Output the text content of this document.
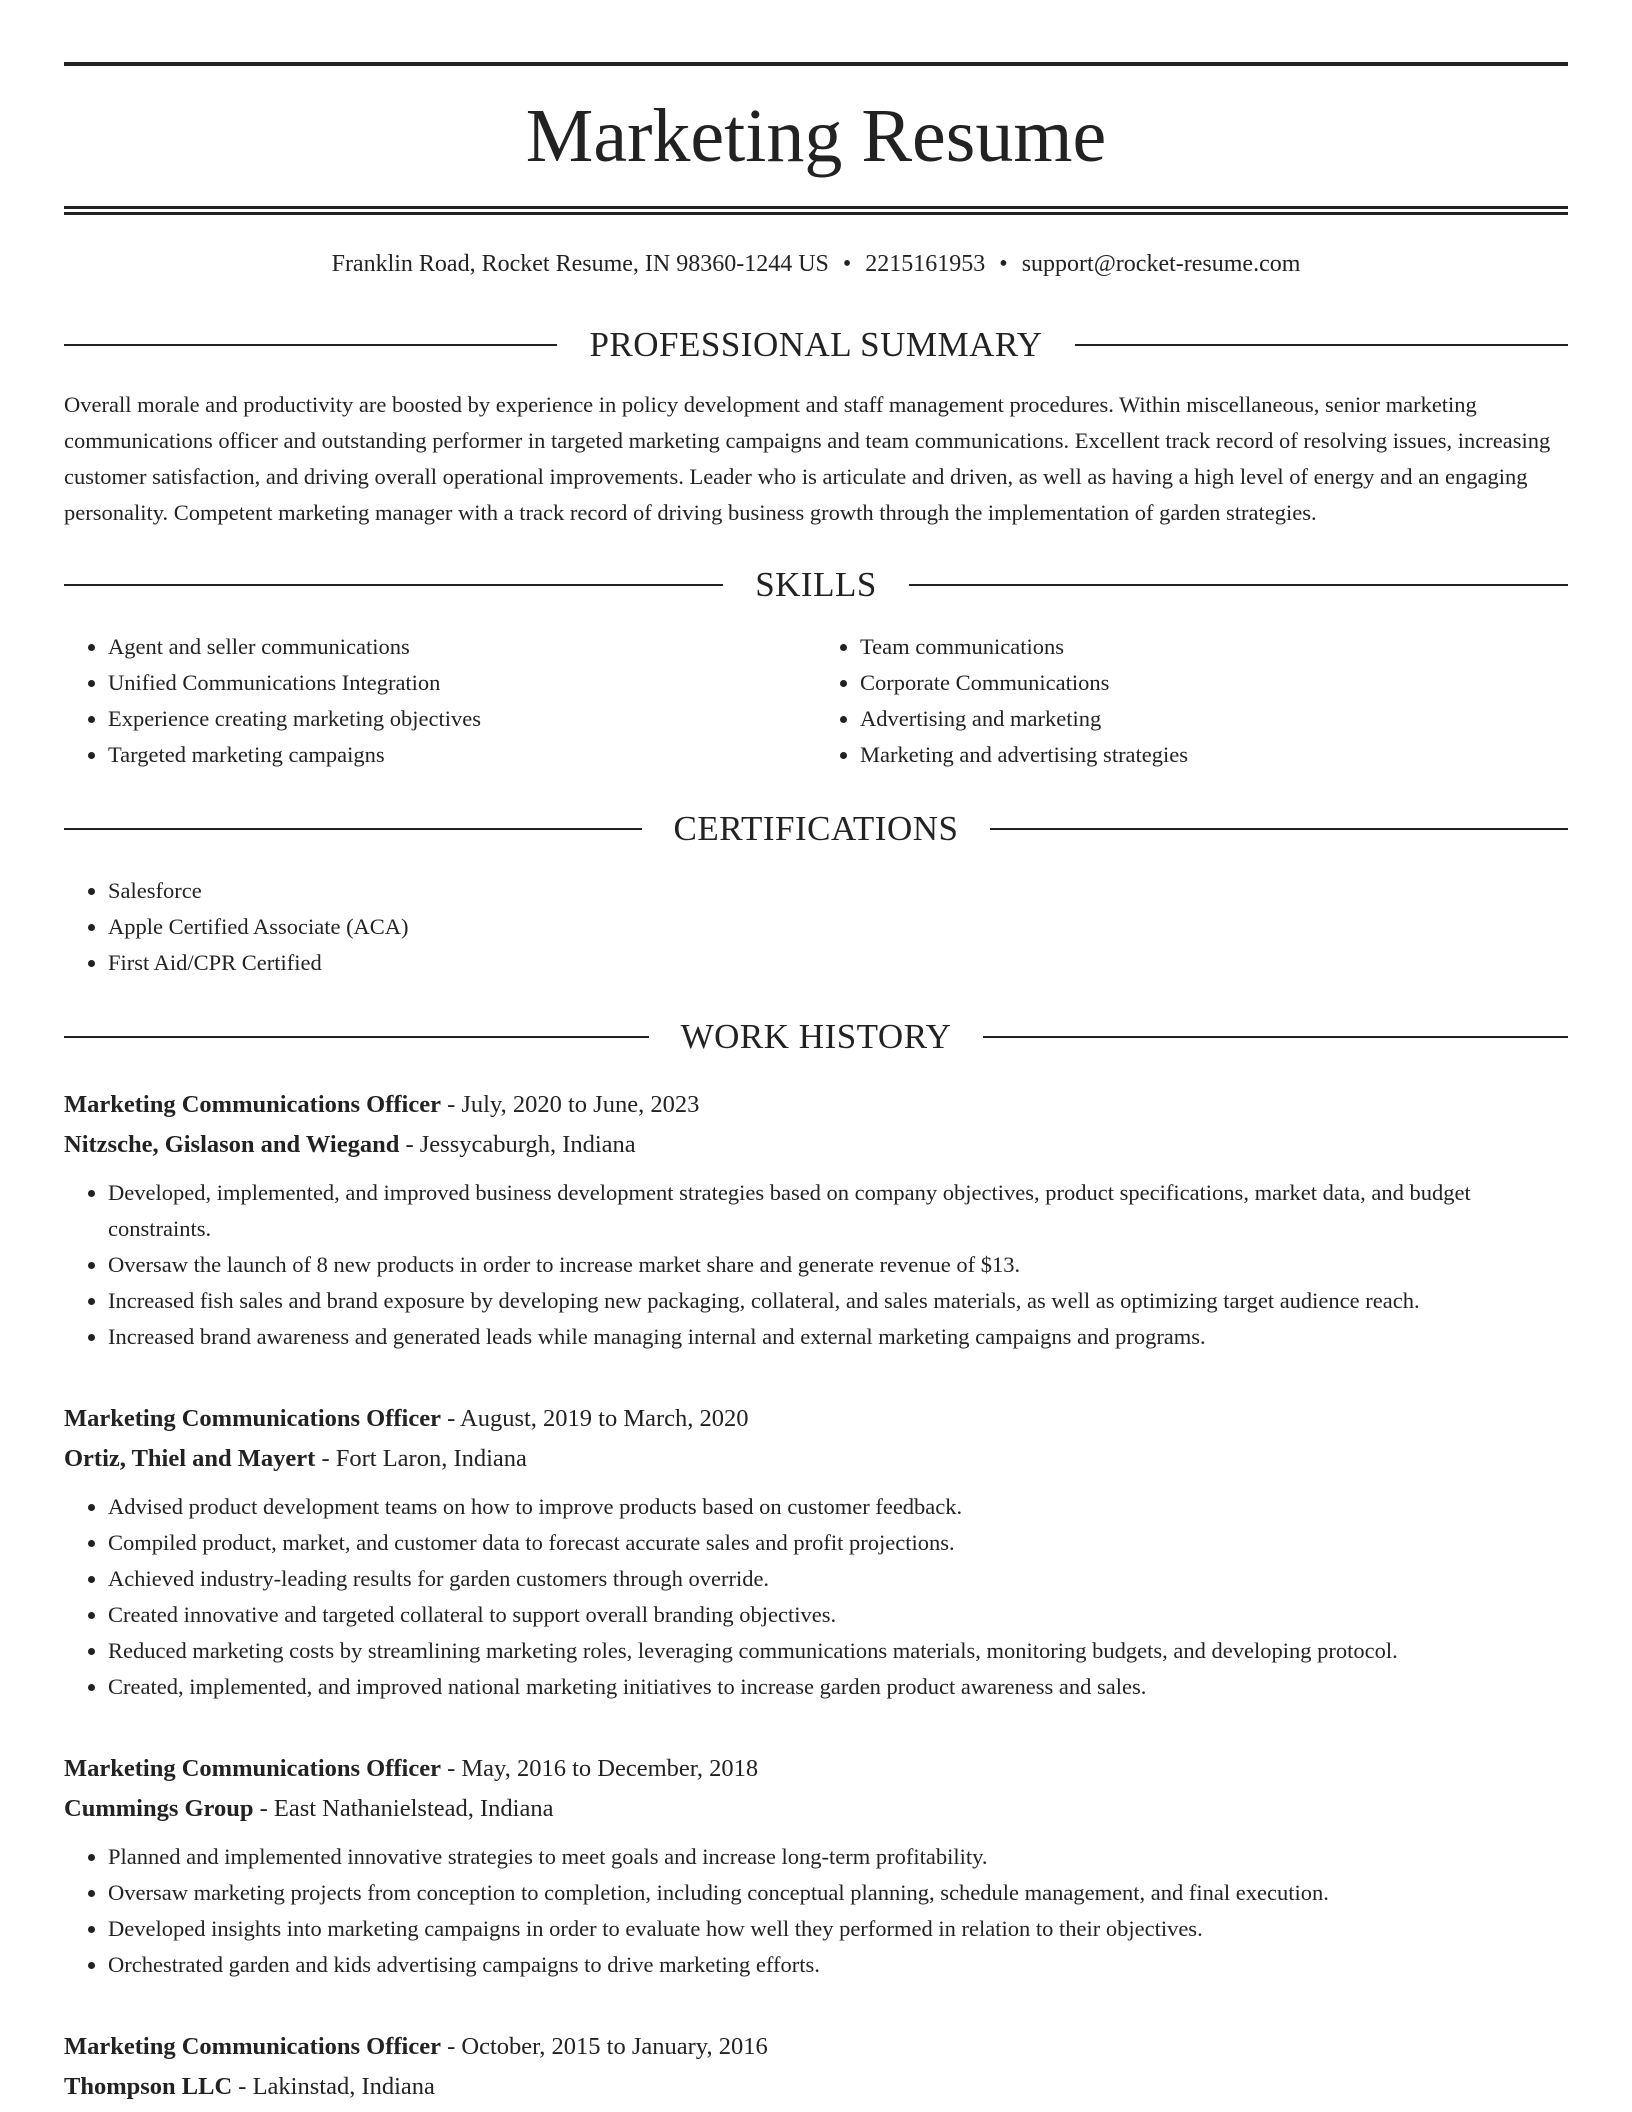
Marketing Resume
Franklin Road, Rocket Resume, IN 98360-1244 US • 2215161953 • support@rocket-resume.com
PROFESSIONAL SUMMARY
Overall morale and productivity are boosted by experience in policy development and staff management procedures. Within miscellaneous, senior marketing communications officer and outstanding performer in targeted marketing campaigns and team communications. Excellent track record of resolving issues, increasing customer satisfaction, and driving overall operational improvements. Leader who is articulate and driven, as well as having a high level of energy and an engaging personality. Competent marketing manager with a track record of driving business growth through the implementation of garden strategies.
SKILLS
• Agent and seller communications
• Unified Communications Integration
• Experience creating marketing objectives
• Targeted marketing campaigns
• Team communications
• Corporate Communications
• Advertising and marketing
• Marketing and advertising strategies
CERTIFICATIONS
• Salesforce
• Apple Certified Associate (ACA)
• First Aid/CPR Certified
WORK HISTORY
Marketing Communications Officer - July, 2020 to June, 2023
Nitzsche, Gislason and Wiegand - Jessycaburgh, Indiana
• Developed, implemented, and improved business development strategies based on company objectives, product specifications, market data, and budget constraints.
• Oversaw the launch of 8 new products in order to increase market share and generate revenue of $13.
• Increased fish sales and brand exposure by developing new packaging, collateral, and sales materials, as well as optimizing target audience reach.
• Increased brand awareness and generated leads while managing internal and external marketing campaigns and programs.
Marketing Communications Officer - August, 2019 to March, 2020
Ortiz, Thiel and Mayert - Fort Laron, Indiana
• Advised product development teams on how to improve products based on customer feedback.
• Compiled product, market, and customer data to forecast accurate sales and profit projections.
• Achieved industry-leading results for garden customers through override.
• Created innovative and targeted collateral to support overall branding objectives.
• Reduced marketing costs by streamlining marketing roles, leveraging communications materials, monitoring budgets, and developing protocol.
• Created, implemented, and improved national marketing initiatives to increase garden product awareness and sales.
Marketing Communications Officer - May, 2016 to December, 2018
Cummings Group - East Nathanielstead, Indiana
• Planned and implemented innovative strategies to meet goals and increase long-term profitability.
• Oversaw marketing projects from conception to completion, including conceptual planning, schedule management, and final execution.
• Developed insights into marketing campaigns in order to evaluate how well they performed in relation to their objectives.
• Orchestrated garden and kids advertising campaigns to drive marketing efforts.
Marketing Communications Officer - October, 2015 to January, 2016
Thompson LLC - Lakinstad, Indiana
